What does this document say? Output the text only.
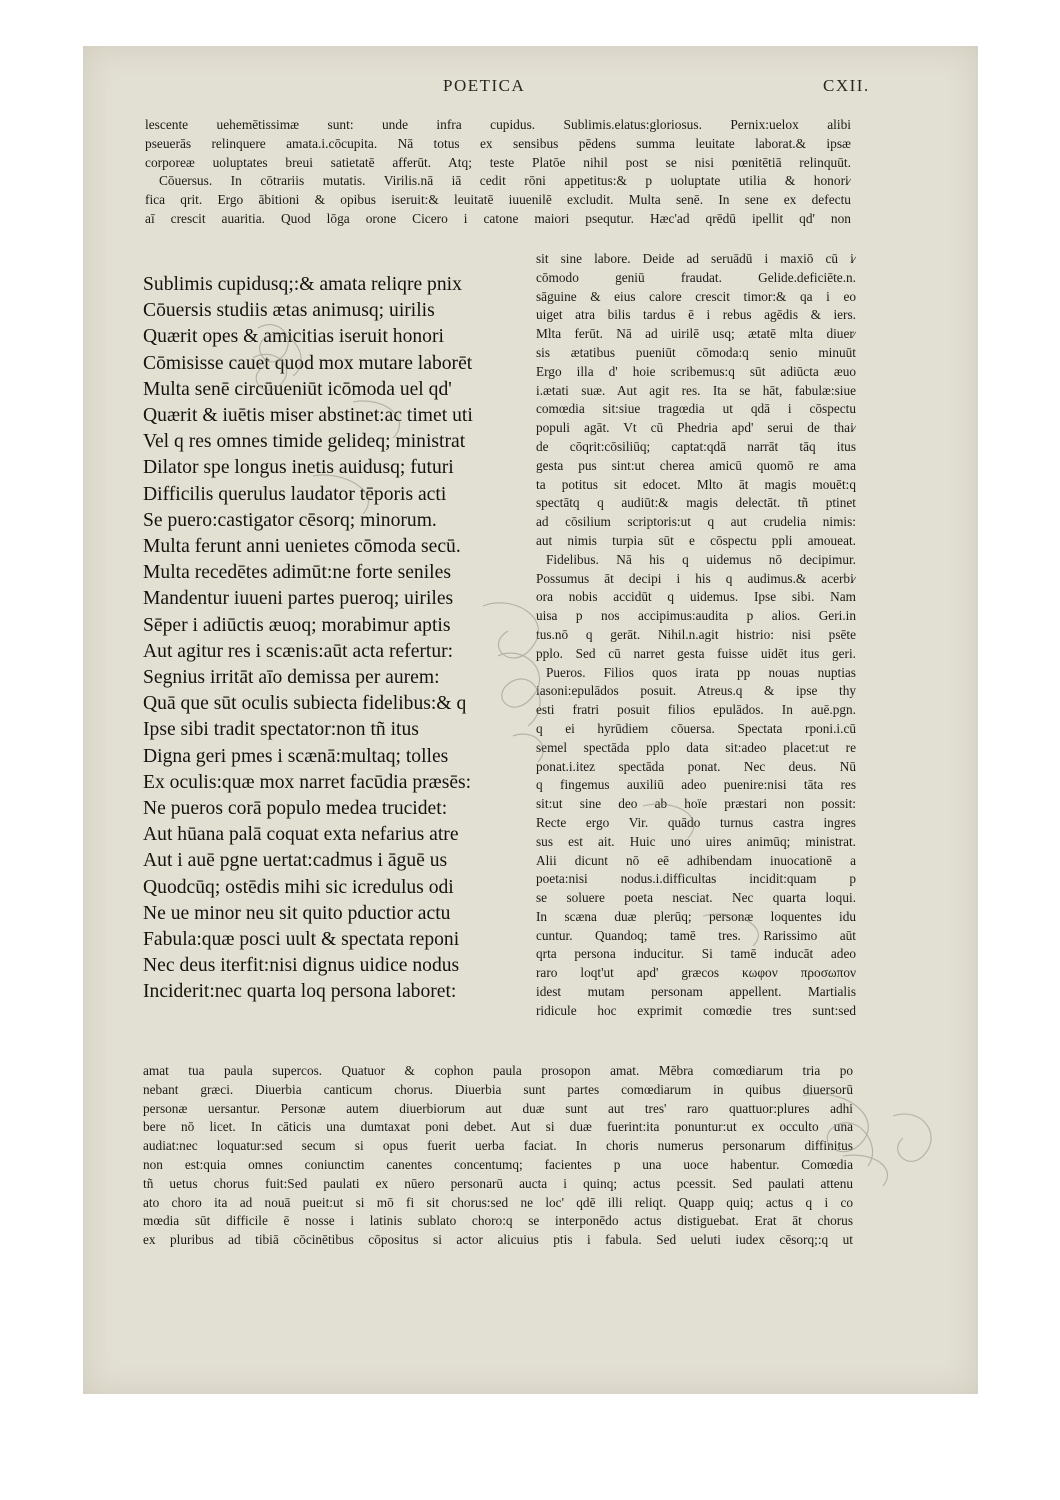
POETICA	CXII.
lescente uehemētissimæ sunt: unde infra cupidus. Sublimis.elatus:gloriosus. Pernix:uelox alibi
pseuerās relinquere amata.i.cōcupita. Nā totus ex sensibus pēdens summa leuitate laborat.& ipsæ
corporeæ uoluptates breui satietatē afferūt. Atq; teste Platōe nihil post se nisi pœnitētiā relinquūt.
Cōuersus. In cōtrariis mutatis. Virilis.nā iā cedit rōni appetitus:& p uoluptate utilia & honori⁄
fica qrit. Ergo ābitioni & opibus iseruit:& leuitatē iuuenilē excludit. Multa senē. In sene ex defectu
aī crescit auaritia. Quod lōga orone Cicero i catone maiori psequtur. Hæc'ad qrēdū ipellit qd' non
Sublimis cupidusq;:& amata reliqre pnix
Cōuersis studiis ætas animusq; uirilis
Quærit opes & amicitias iseruit honori
Cōmisisse cauet quod mox mutare laborēt
Multa senē circūueniūt icōmoda uel qd'
Quærit & iuētis miser abstinet:ac timet uti
Vel q res omnes timide gelideq; ministrat
Dilator spe longus inetis auidusq; futuri
Difficilis querulus laudator tēporis acti
Se puero:castigator cēsorq; minorum.
Multa ferunt anni uenietes cōmoda secū.
Multa recedētes adimūt:ne forte seniles
Mandentur iuueni partes pueroq; uiriles
Sēper i adiūctis æuoq; morabimur aptis
Aut agitur res i scænis:aūt acta refertur:
Segnius irritāt aīo demissa per aurem:
Quā que sūt oculis subiecta fidelibus:& q
Ipse sibi tradit spectator:non tñ itus
Digna geri pmes i scænā:multaq; tolles
Ex oculis:quæ mox narret facūdia præsēs:
Ne pueros corā populo medea trucidet:
Aut hūana palā coquat exta nefarius atre
Aut i auē pgne uertat:cadmus i āguē us
Quodcūq; ostēdis mihi sic icredulus odi
Ne ue minor neu sit quito pductior actu
Fabula:quæ posci uult & spectata reponi
Nec deus iterfit:nisi dignus uidice nodus
Inciderit:nec quarta loq persona laboret:
sit sine labore. Deide ad seruādū i maxiō cū i⁄
cōmodo geniū fraudat. Gelide.deficiēte.n.
sāguine & eius calore crescit timor:& qa i eo
uiget atra bilis tardus ē i rebus agēdis & iers.
Mlta ferūt. Nā ad uirilē usq; ætatē mlta diuer⁄
sis ætatibus pueniūt cōmoda:q senio minuūt
Ergo illa d' hoie scribemus:q sūt adiūcta æuo
i.ætati suæ. Aut agit res. Ita se hāt, fabulæ:siue
comœdia sit:siue tragœdia ut qdā i cōspectu
populi agāt. Vt cū Phedria apd' serui de thai⁄
de cōqrit:cōsiliūq; captat:qdā narrāt tāq itus
gesta pus sint:ut cherea amicū quomō re ama
ta potitus sit edocet. Mlto āt magis mouēt:q
spectātq q audiūt:& magis delectāt. tñ ptinet
ad cōsilium scriptoris:ut q aut crudelia nimis:
aut nimis turpia sūt e cōspectu ppli amoueat.
Fidelibus. Nā his q uidemus nō decipimur.
Possumus āt decipi i his q audimus.& acerbi⁄
ora nobis accidūt q uidemus. Ipse sibi. Nam
uisa p nos accipimus:audita p alios. Geri.in
tus.nō q gerāt. Nihil.n.agit histrio: nisi psēte
pplo. Sed cū narret gesta fuisse uidēt itus geri.
Pueros. Filios quos irata pp nouas nuptias
iasoni:epulādos posuit. Atreus.q & ipse thy
esti fratri posuit filios epulādos. In auē.pgn.
q ei hyrūdiem cōuersa. Spectata rponi.i.cū
semel spectāda pplo data sit:adeo placet:ut re
ponat.i.itez spectāda ponat. Nec deus. Nū
q fingemus auxiliū adeo puenire:nisi tāta res
sit:ut sine deo ab hoïe præstari non possit:
Recte ergo Vir. quādo turnus castra ingres
sus est ait. Huic uno uires animūq; ministrat.
Alii dicunt nō eē adhibendam inuocationē a
poeta:nisi nodus.i.difficultas incidit:quam p
se soluere poeta nesciat. Nec quarta loqui.
In scæna duæ plerūq; personæ loquentes idu
cuntur. Quandoq; tamē tres. Rarissimo aūt
qrta persona inducitur. Si tamē inducāt adeo
raro loqt'ut apd' græcos κωφον προσωπον
idest mutam personam appellent. Martialis
ridicule hoc exprimit comœdie tres sunt:sed
amat tua paula supercos. Quatuor & cophon paula prosopon amat. Mēbra comœdiarum tria po
nebant græci. Diuerbia canticum chorus. Diuerbia sunt partes comœdiarum in quibus diuersorū
personæ uersantur. Personæ autem diuerbiorum aut duæ sunt aut tres' raro quattuor:plures adhi
bere nō licet. In cāticis una dumtaxat poni debet. Aut si duæ fuerint:ita ponuntur:ut ex occulto una
audiat:nec loquatur:sed secum si opus fuerit uerba faciat. In choris numerus personarum diffinitus
non est:quia omnes coniunctim canentes concentumq; facientes p una uoce habentur. Comœdia
tñ uetus chorus fuit:Sed paulati ex nūero personarū aucta i quinq; actus pcessit. Sed paulati attenu
ato choro ita ad nouā pueit:ut si mō fi sit chorus:sed ne loc' qdē illi reliqt. Quapp quiq; actus q i co
mœdia sūt difficile ē nosse i latinis sublato choro:q se interponēdo actus distiguebat. Erat āt chorus
ex pluribus ad tibiā cōcinētibus cōpositus si actor alicuius ptis i fabula. Sed ueluti iudex cēsorq;:q ut
